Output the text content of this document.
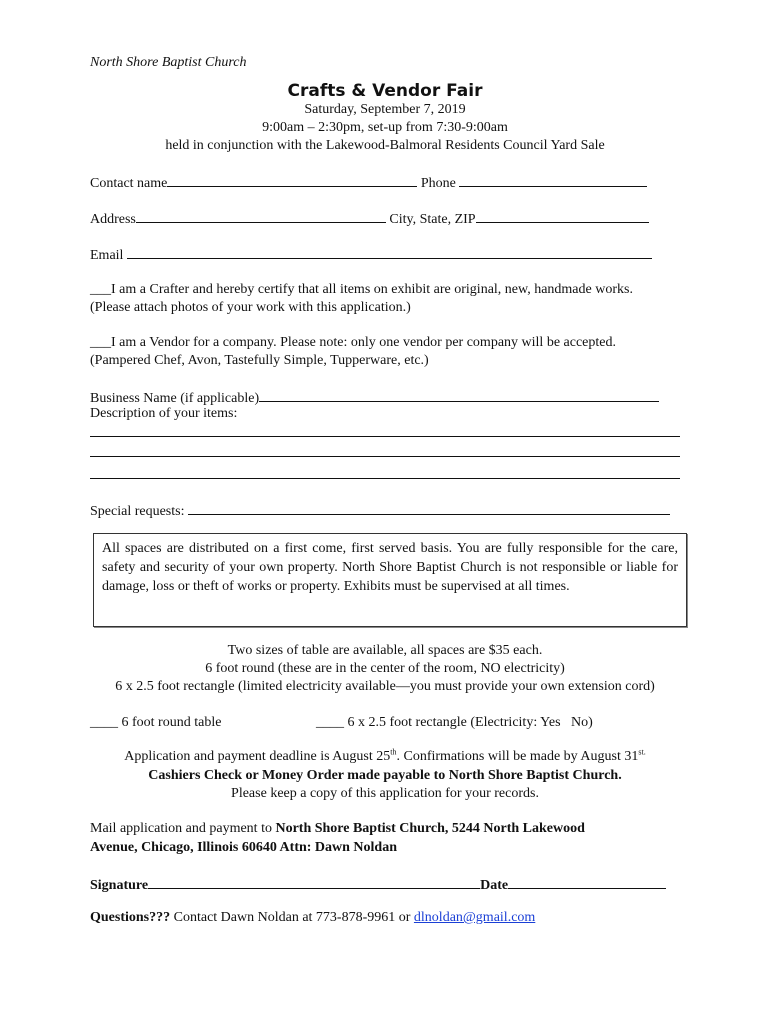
North Shore Baptist Church
Crafts & Vendor Fair
Saturday, September 7, 2019
9:00am – 2:30pm, set-up from 7:30-9:00am
held in conjunction with the Lakewood-Balmoral Residents Council Yard Sale
Contact name	Phone
Address	City, State, ZIP
Email
___I am a Crafter and hereby certify that all items on exhibit are original, new, handmade works.
(Please attach photos of your work with this application.)
___I am a Vendor for a company. Please note: only one vendor per company will be accepted.
(Pampered Chef, Avon, Tastefully Simple, Tupperware, etc.)
Business Name (if applicable)
Description of your items:
Special requests:
All spaces are distributed on a first come, first served basis. You are fully responsible for the care, safety and security of your own property. North Shore Baptist Church is not responsible or liable for damage, loss or theft of works or property. Exhibits must be supervised at all times.
Two sizes of table are available, all spaces are $35 each.
6 foot round (these are in the center of the room, NO electricity)
6 x 2.5 foot rectangle (limited electricity available—you must provide your own extension cord)
____ 6 foot round table	____ 6 x 2.5 foot rectangle (Electricity: Yes   No)
Application and payment deadline is August 25th. Confirmations will be made by August $31^{st.}$
Cashiers Check or Money Order made payable to North Shore Baptist Church.
Please keep a copy of this application for your records.
Mail application and payment to North Shore Baptist Church, 5244 North Lakewood
Avenue, Chicago, Illinois 60640 Attn: Dawn Noldan
Signature	Date
Questions??? Contact Dawn Noldan at 773-878-9961 or dlnoldan@gmail.com
